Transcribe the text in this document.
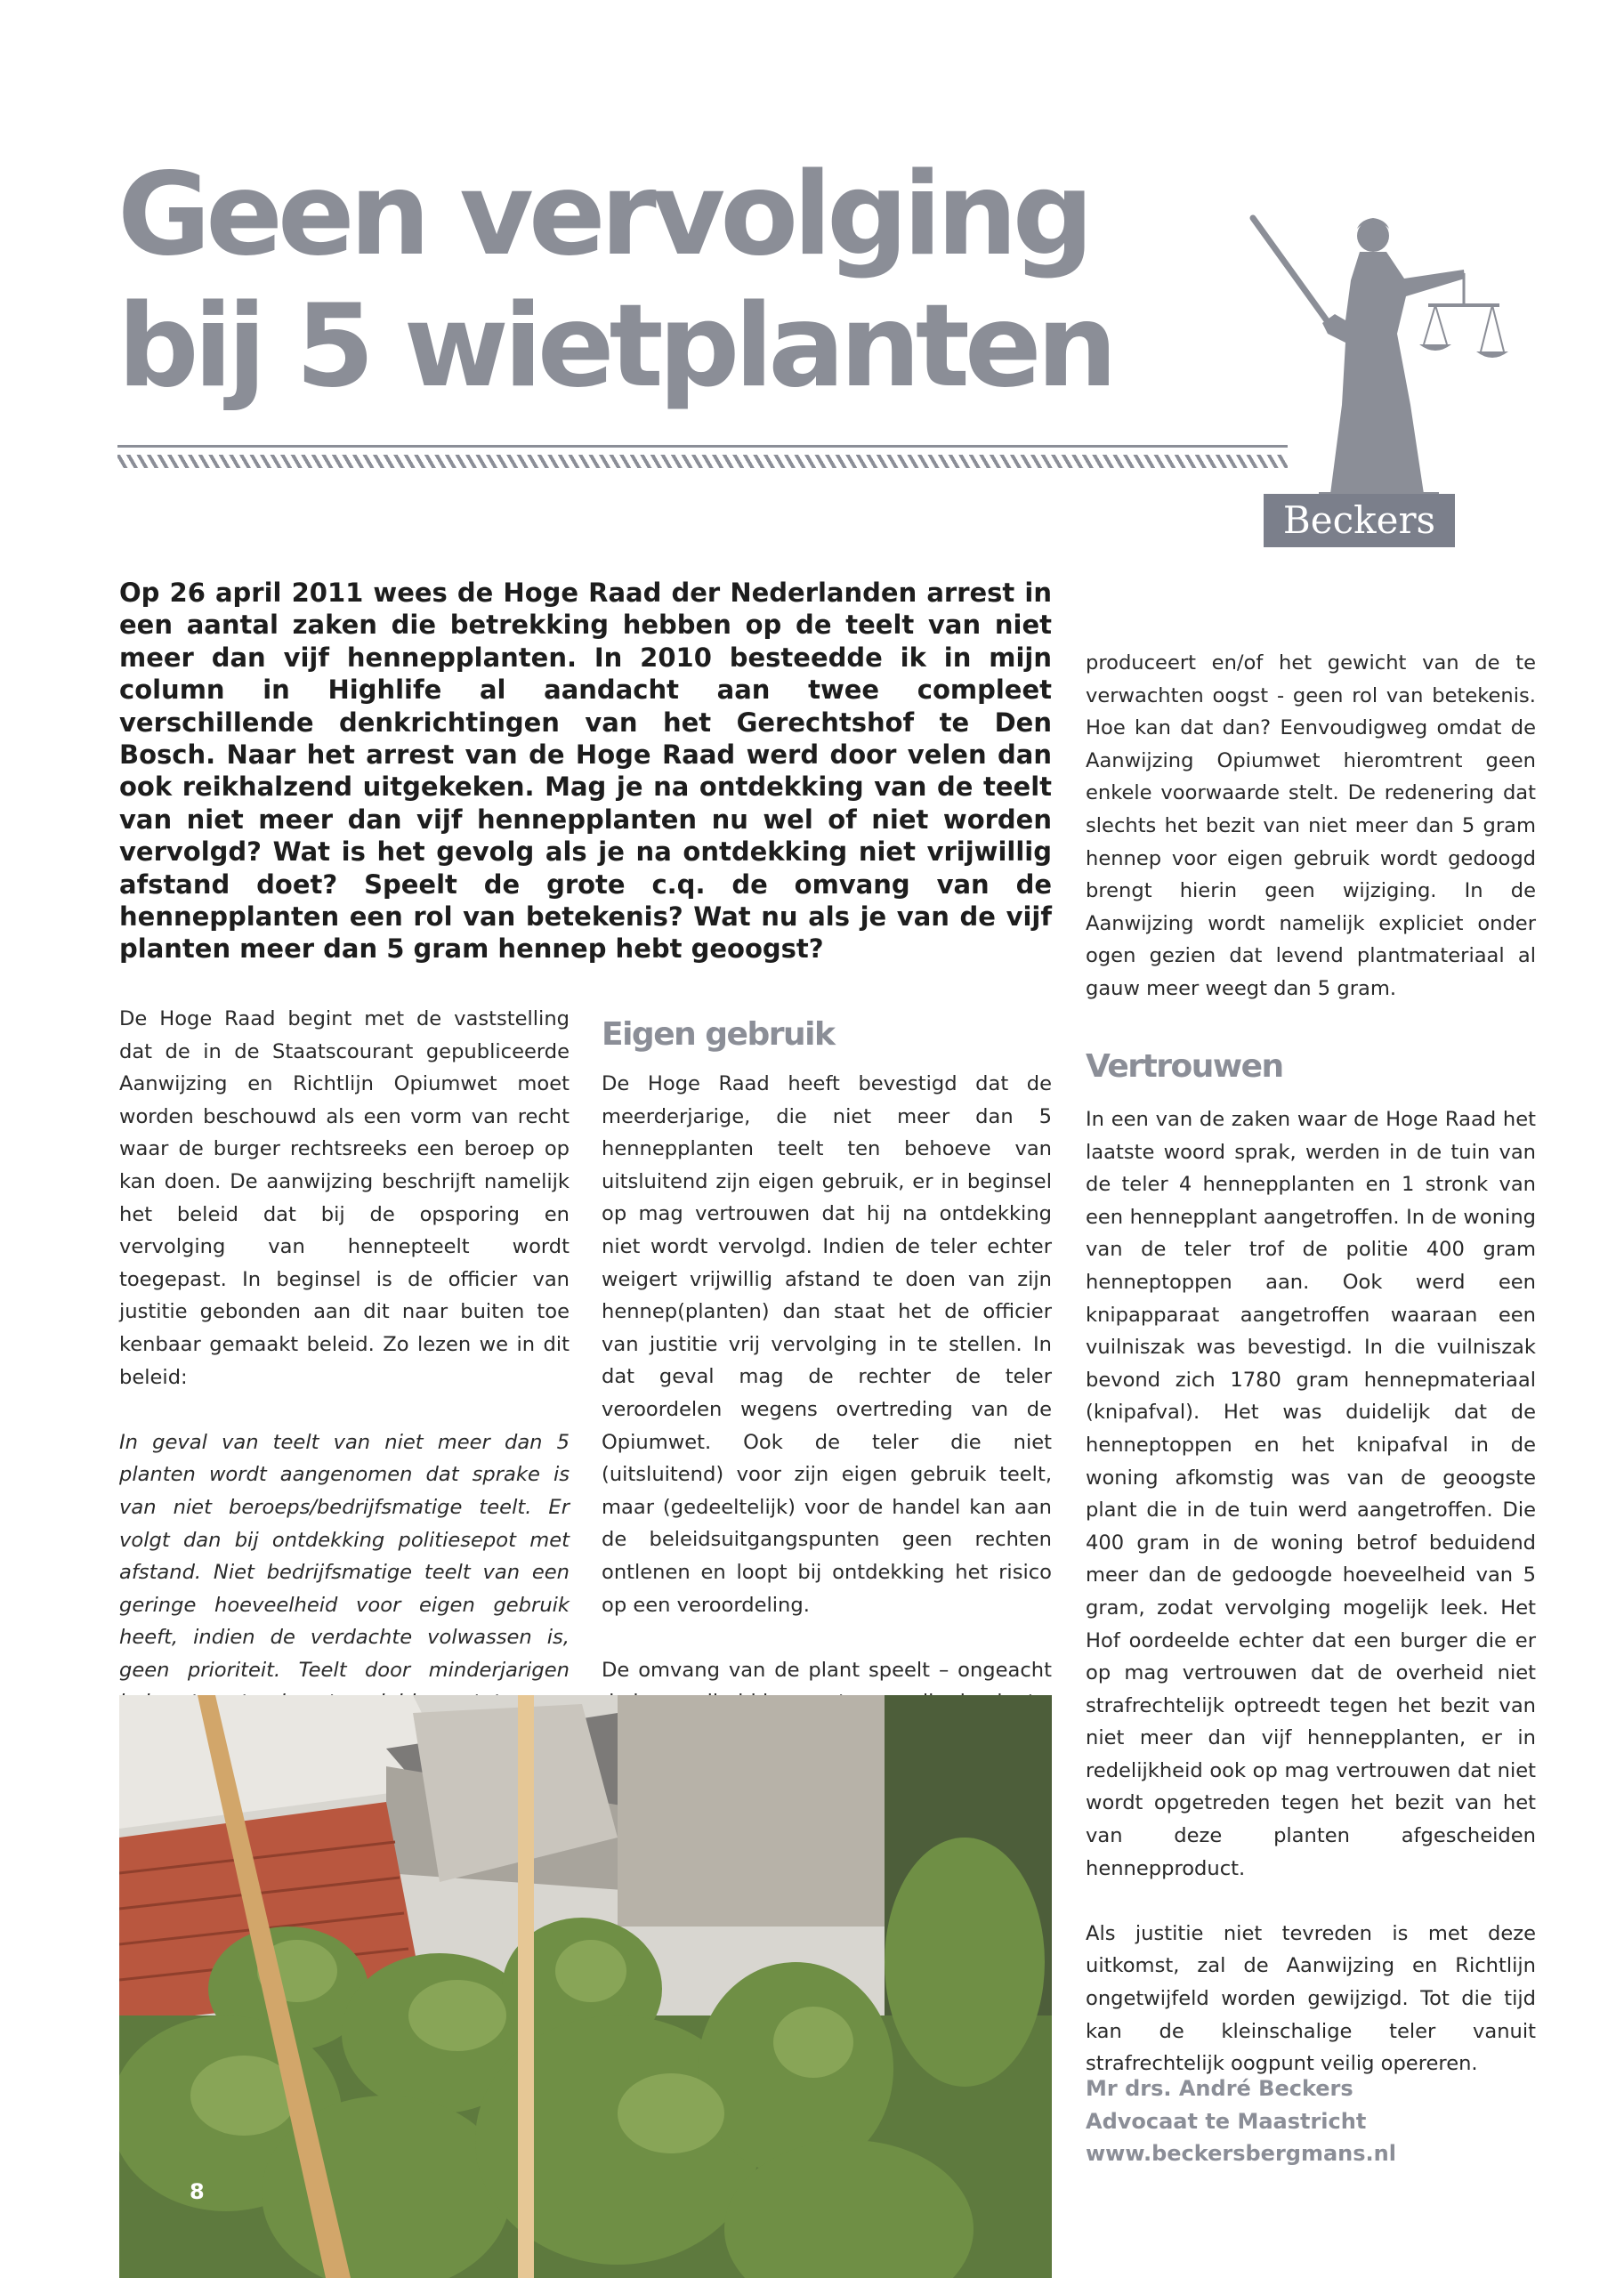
Geen vervolging
bij 5 wietplanten
Beckers

Op 26 april 2011 wees de Hoge Raad der Nederlanden arrest in een aantal zaken die betrekking hebben op de teelt van niet meer dan vijf hennepplanten. In 2010 besteedde ik in mijn column in Highlife al aandacht aan twee compleet verschillende denkrichtingen van het Gerechtshof te Den Bosch. Naar het arrest van de Hoge Raad werd door velen dan ook reikhalzend uitgekeken. Mag je na ontdekking van de teelt van niet meer dan vijf hennepplanten nu wel of niet worden vervolgd? Wat is het gevolg als je na ontdekking niet vrijwillig afstand doet? Speelt de grote c.q. de omvang van de hennepplanten een rol van betekenis? Wat nu als je van de vijf planten meer dan 5 gram hennep hebt geoogst?

De Hoge Raad begint met de vaststelling dat de in de Staatscourant gepubliceerde Aanwijzing en Richtlijn Opiumwet moet worden beschouwd als een vorm van recht waar de burger rechtsreeks een beroep op kan doen. De aanwijzing beschrijft namelijk het beleid dat bij de opsporing en vervolging van hennepteelt wordt toegepast. In beginsel is de officier van justitie gebonden aan dit naar buiten toe kenbaar gemaakt beleid. Zo lezen we in dit beleid:

In geval van teelt van niet meer dan 5 planten wordt aangenomen dat sprake is van niet beroeps/bedrijfsmatige teelt. Er volgt dan bij ontdekking politiesepot met afstand. Niet bedrijfsmatige teelt van een geringe hoeveelheid voor eigen gebruik heeft, indien de verdachte volwassen is, geen prioriteit. Teelt door minderjarigen

Eigen gebruik

De Hoge Raad heeft bevestigd dat de meerderjarige, die niet meer dan 5 hennepplanten teelt ten behoeve van uitsluitend zijn eigen gebruik, er in beginsel op mag vertrouwen dat hij na ontdekking niet wordt vervolgd. Indien de teler echter weigert vrijwillig afstand te doen van zijn hennep(planten) dan staat het de officier van justitie vrij vervolging in te stellen. In dat geval mag de rechter de teler veroordelen wegens overtreding van de Opiumwet. Ook de teler die niet (uitsluitend) voor zijn eigen gebruik teelt, maar (gedeeltelijk) voor de handel kan aan de beleidsuitgangspunten geen rechten ontlenen en loopt bij ontdekking het risico op een veroordeling.

De omvang van de plant speelt – ongeacht

produceert en/of het gewicht van de te verwachten oogst - geen rol van betekenis. Hoe kan dat dan? Eenvoudigweg omdat de Aanwijzing Opiumwet hieromtrent geen enkele voorwaarde stelt. De redenering dat slechts het bezit van niet meer dan 5 gram hennep voor eigen gebruik wordt gedoogd brengt hierin geen wijziging. In de Aanwijzing wordt namelijk expliciet onder ogen gezien dat levend plantmateriaal al gauw meer weegt dan 5 gram.

Vertrouwen

In een van de zaken waar de Hoge Raad het laatste woord sprak, werden in de tuin van de teler 4 hennepplanten en 1 stronk van een hennepplant aangetroffen. In de woning van de teler trof de politie 400 gram henneptoppen aan. Ook werd een knipapparaat aangetroffen waaraan een vuilniszak was bevestigd. In die vuilniszak bevond zich 1780 gram hennepmateriaal (knipafval). Het was duidelijk dat de henneptoppen en het knipafval in de woning afkomstig was van de geoogste plant die in de tuin werd aangetroffen. Die 400 gram in de woning betrof beduidend meer dan de gedoogde hoeveelheid van 5 gram, zodat vervolging mogelijk leek. Het Hof oordeelde echter dat een burger die er op mag vertrouwen dat de overheid niet strafrechtelijk optreedt tegen het bezit van niet meer dan vijf hennepplanten, er in redelijkheid ook op mag vertrouwen dat niet wordt opgetreden tegen het bezit van het van deze planten afgescheiden hennepproduct.

Als justitie niet tevreden is met deze uitkomst, zal de Aanwijzing en Richtlijn ongetwijfeld worden gewijzigd. Tot die tijd kan de kleinschalige teler vanuit strafrechtelijk oogpunt veilig opereren.

Mr drs. André Beckers
Advocaat te Maastricht
www.beckersbergmans.nl
8
